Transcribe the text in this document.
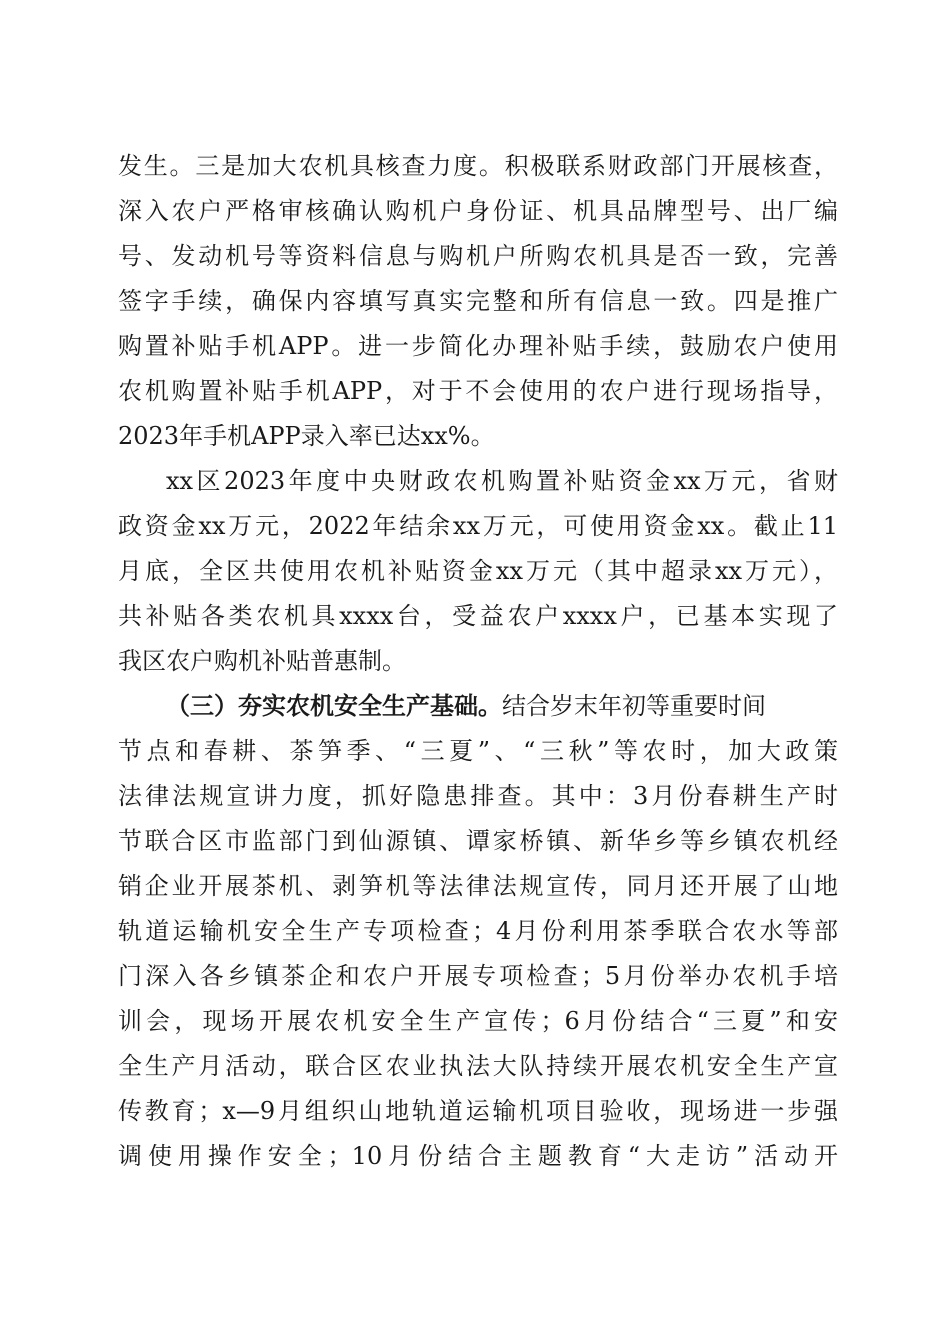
发生。三是加大农机具核查力度。积极联系财政部门开展核查，
深入农户严格审核确认购机户身份证、机具品牌型号、出厂编
号、发动机号等资料信息与购机户所购农机具是否一致，完善
签字手续，确保内容填写真实完整和所有信息一致。四是推广
购置补贴手机APP。进一步简化办理补贴手续，鼓励农户使用
农机购置补贴手机APP，对于不会使用的农户进行现场指导，
2023年手机APP录入率已达xx%。
xx区2023年度中央财政农机购置补贴资金xx万元，省财
政资金xx万元，2022年结余xx万元，可使用资金xx。截止11
月底，全区共使用农机补贴资金xx万元（其中超录xx万元），
共补贴各类农机具xxxx台，受益农户xxxx户，已基本实现了
我区农户购机补贴普惠制。
（三）夯实农机安全生产基础。结合岁末年初等重要时间
节点和春耕、茶笋季、“三夏”、“三秋”等农时，加大政策
法律法规宣讲力度，抓好隐患排查。其中：3月份春耕生产时
节联合区市监部门到仙源镇、谭家桥镇、新华乡等乡镇农机经
销企业开展茶机、剥笋机等法律法规宣传，同月还开展了山地
轨道运输机安全生产专项检查；4月份利用茶季联合农水等部
门深入各乡镇茶企和农户开展专项检查；5月份举办农机手培
训会，现场开展农机安全生产宣传；6月份结合“三夏”和安
全生产月活动，联合区农业执法大队持续开展农机安全生产宣
传教育；x—9月组织山地轨道运输机项目验收，现场进一步强
调使用操作安全；10月份结合主题教育“大走访”活动开
